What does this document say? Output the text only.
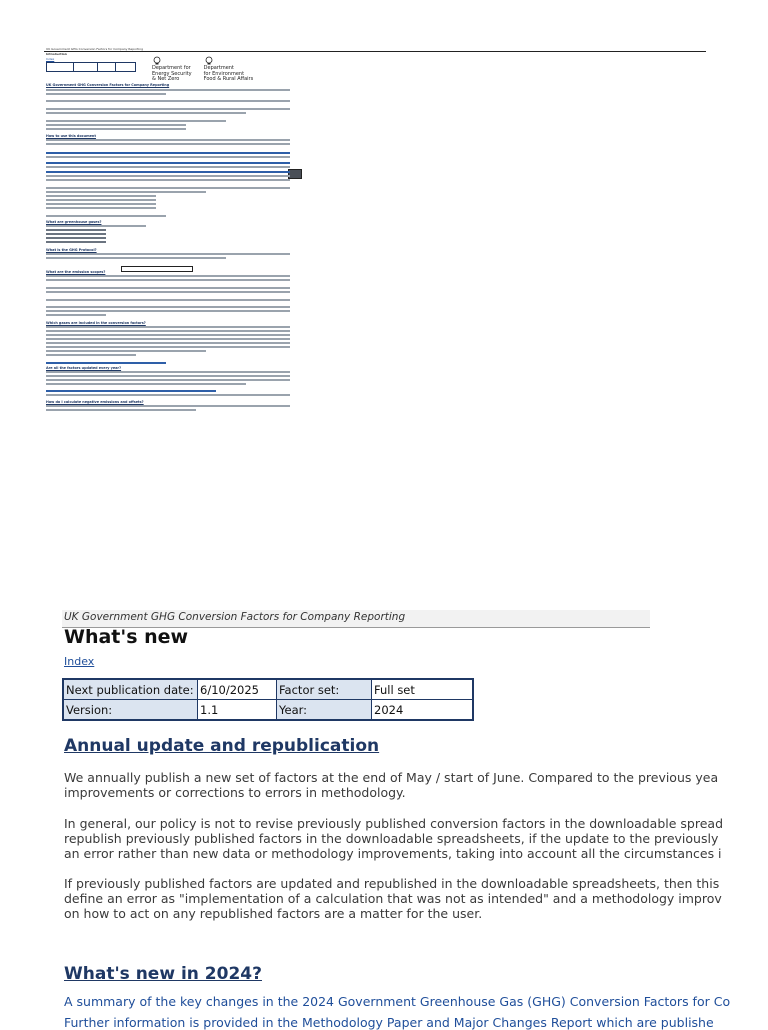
UK Government GHG Conversion Factors for Company Reporting
Introduction
Index
Department for
Energy Security
& Net Zero
Department
for Environment
Food & Rural Affairs
UK Government GHG Conversion Factors for Company Reporting
How to use this document
What are greenhouse gases?
What is the GHG Protocol?
What are the emission scopes?
Which gases are included in the conversion factors?
Are all the factors updated every year?
How do I calculate negative emissions and offsets?
UK Government GHG Conversion Factors for Company Reporting
What's new
Index
Next publication date:	6/10/2025	Factor set:	Full set
Version:	1.1	Year:	2024
Annual update and republication
We annually publish a new set of factors at the end of May / start of June. Compared to the previous yea
improvements or corrections to errors in methodology.
In general, our policy is not to revise previously published conversion factors in the downloadable spread
republish previously published factors in the downloadable spreadsheets, if the update to the previously
an error rather than new data or methodology improvements, taking into account all the circumstances i
If previously published factors are updated and republished in the downloadable spreadsheets, then this
define an error as "implementation of a calculation that was not as intended" and a methodology improv
on how to act on any republished factors are a matter for the user.
What's new in 2024?
A summary of the key changes in the 2024 Government Greenhouse Gas (GHG) Conversion Factors for Co
Further information is provided in the Methodology Paper and Major Changes Report which are publishe
